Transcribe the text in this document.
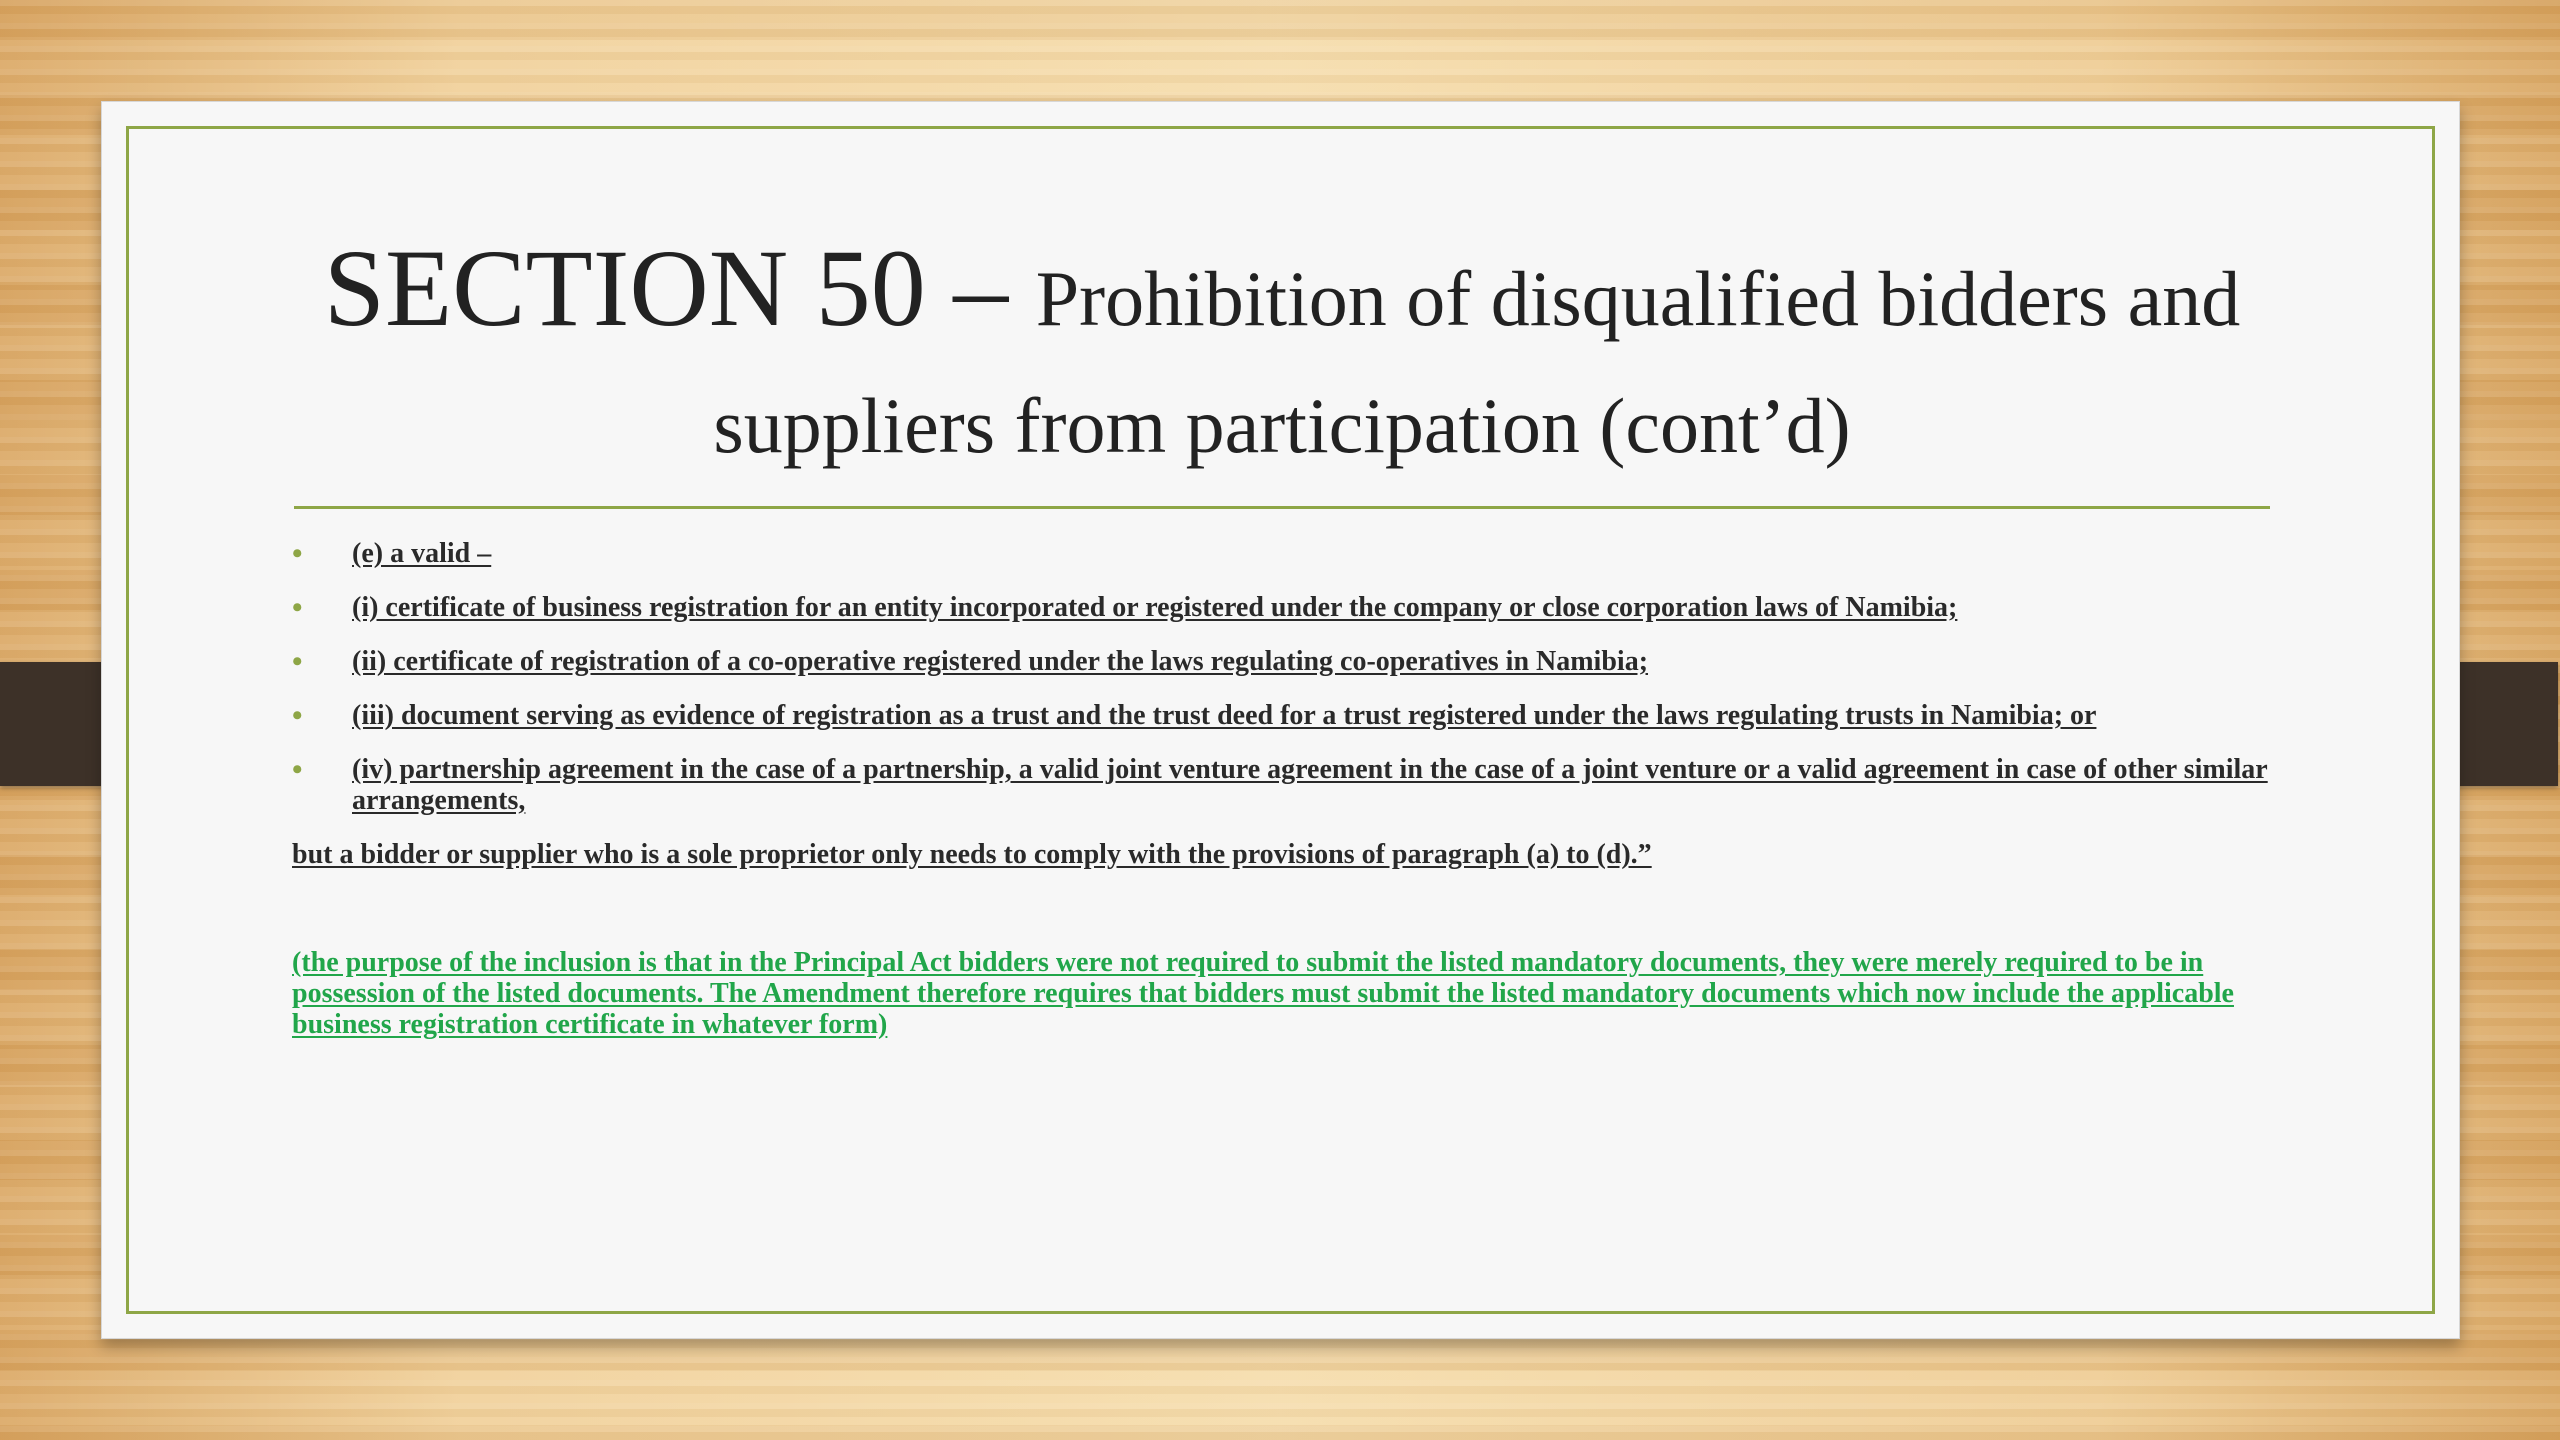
SECTION 50 – Prohibition of disqualified bidders and suppliers from participation (cont’d)
• (e) a valid –
• (i) certificate of business registration for an entity incorporated or registered under the company or close corporation laws of Namibia;
• (ii) certificate of registration of a co-operative registered under the laws regulating co-operatives in Namibia;
• (iii) document serving as evidence of registration as a trust and the trust deed for a trust registered under the laws regulating trusts in Namibia; or
• (iv) partnership agreement in the case of a partnership, a valid joint venture agreement in the case of a joint venture or a valid agreement in case of other similar arrangements,

but a bidder or supplier who is a sole proprietor only needs to comply with the provisions of paragraph (a) to (d).”

(the purpose of the inclusion is that in the Principal Act bidders were not required to submit the listed mandatory documents, they were merely required to be in possession of the listed documents. The Amendment therefore requires that bidders must submit the listed mandatory documents which now include the applicable business registration certificate in whatever form)
